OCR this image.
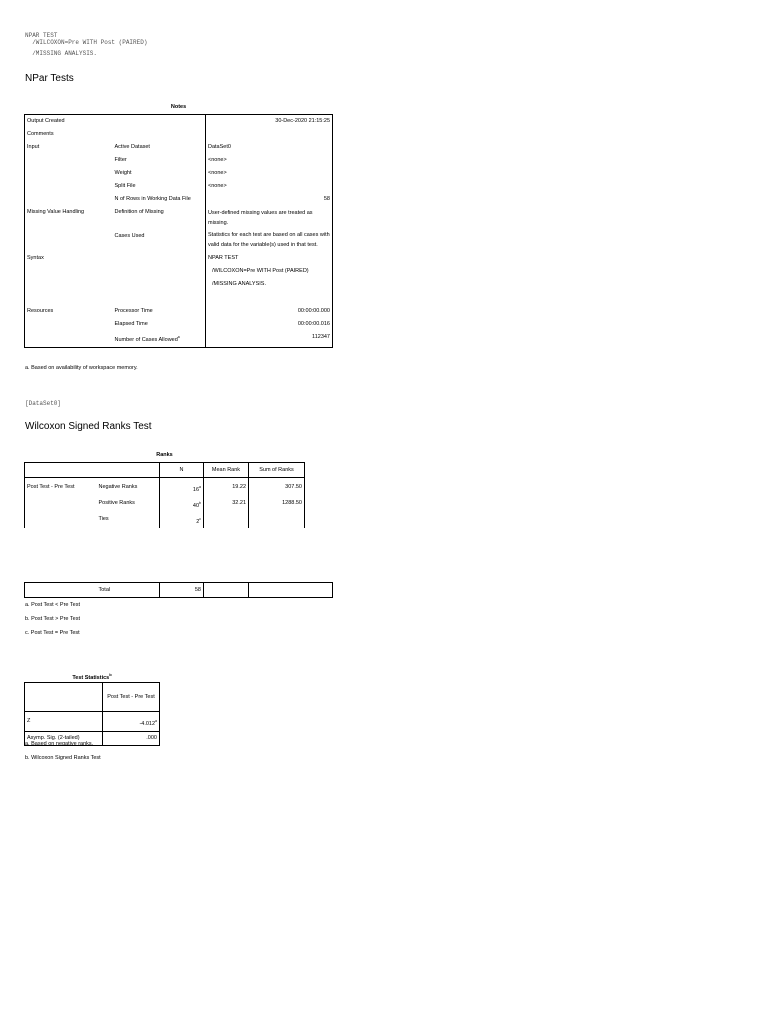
NPAR TEST
/WILCOXON=Pre WITH Post (PAIRED)
/MISSING ANALYSIS.
NPar Tests
Notes
Output Created		30-Dec-2020 21:15:25
Comments		
Input	Active Dataset	DataSet0
	Filter	<none>
	Weight	<none>
	Split File	<none>
	N of Rows in Working Data File	58
Missing Value Handling	Definition of Missing	User-defined missing values are treated as missing.
	Cases Used	Statistics for each test are based on all cases with valid data for the variable(s) used in that test.
Syntax		NPAR TEST
/WILCOXON=Pre WITH Post (PAIRED)
/MISSING ANALYSIS.

Resources	Processor Time	00:00:00.000
	Elapsed Time	00:00:00.016
	Number of Cases Allowed$^a$	112347
a. Based on availability of workspace memory.
[DataSet0]
Wilcoxon Signed Ranks Test
Ranks
		N	Mean Rank	Sum of Ranks
Post Test - Pre Test	Negative Ranks	16$^a$	19.22	307.50
	Positive Ranks	40$^b$	32.21	1288.50
	Ties	2$^c$		
	Total	58		
a. Post Test < Pre Test
b. Post Test > Pre Test
c. Post Test = Pre Test
Test Statistics$^b$
	Post Test - Pre Test
Z	-4.012$^a$
Asymp. Sig. (2-tailed)	.000
a. Based on negative ranks.
b. Wilcoxon Signed Ranks Test
